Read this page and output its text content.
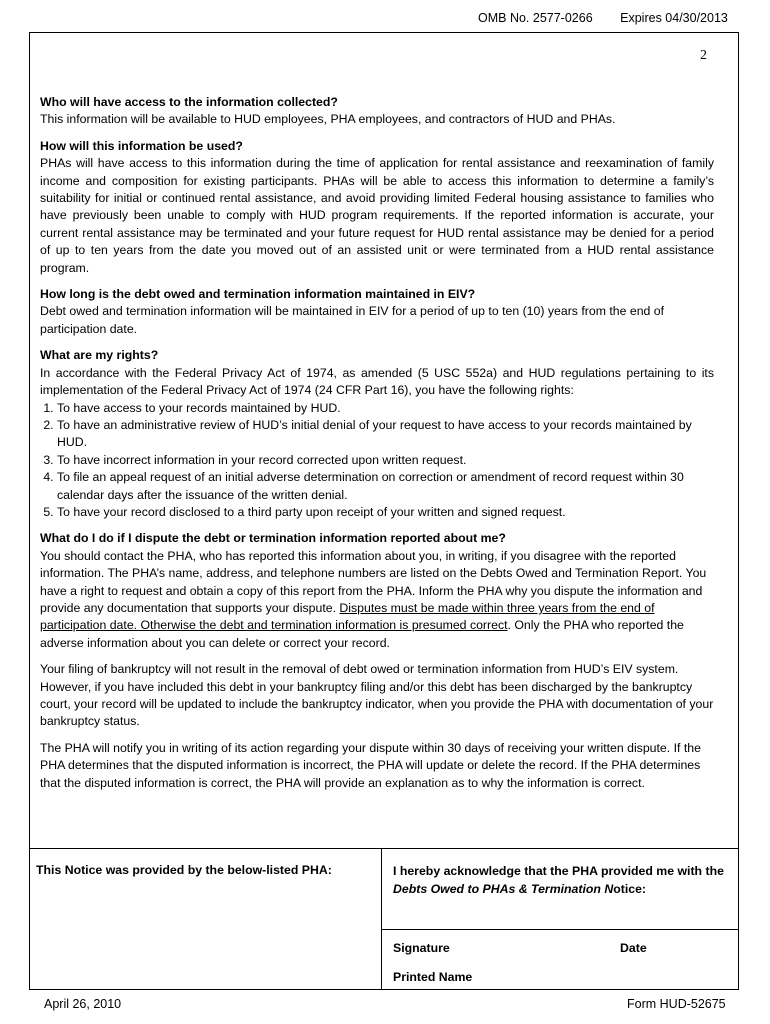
OMB No. 2577-0266 Expires 04/30/2013
2
Who will have access to the information collected?

This information will be available to HUD employees, PHA employees, and contractors of HUD and PHAs.

How will this information be used?

PHAs will have access to this information during the time of application for rental assistance and reexamination of family income and composition for existing participants. PHAs will be able to access this information to determine a family’s suitability for initial or continued rental assistance, and avoid providing limited Federal housing assistance to families who have previously been unable to comply with HUD program requirements. If the reported information is accurate, your current rental assistance may be terminated and your future request for HUD rental assistance may be denied for a period of up to ten years from the date you moved out of an assisted unit or were terminated from a HUD rental assistance program.

How long is the debt owed and termination information maintained in EIV?

Debt owed and termination information will be maintained in EIV for a period of up to ten (10) years from the end of participation date.

What are my rights?

In accordance with the Federal Privacy Act of 1974, as amended (5 USC 552a) and HUD regulations pertaining to its implementation of the Federal Privacy Act of 1974 (24 CFR Part 16), you have the following rights:

1. To have access to your records maintained by HUD.
2. To have an administrative review of HUD’s initial denial of your request to have access to your records maintained by HUD.
3. To have incorrect information in your record corrected upon written request.
4. To file an appeal request of an initial adverse determination on correction or amendment of record request within 30 calendar days after the issuance of the written denial.
5. To have your record disclosed to a third party upon receipt of your written and signed request.
What do I do if I dispute the debt or termination information reported about me?

You should contact the PHA, who has reported this information about you, in writing, if you disagree with the reported information. The PHA’s name, address, and telephone numbers are listed on the Debts Owed and Termination Report. You have a right to request and obtain a copy of this report from the PHA. Inform the PHA why you dispute the information and provide any documentation that supports your dispute. Disputes must be made within three years from the end of participation date. Otherwise the debt and termination information is presumed correct. Only the PHA who reported the adverse information about you can delete or correct your record.

Your filing of bankruptcy will not result in the removal of debt owed or termination information from HUD’s EIV system. However, if you have included this debt in your bankruptcy filing and/or this debt has been discharged by the bankruptcy court, your record will be updated to include the bankruptcy indicator, when you provide the PHA with documentation of your bankruptcy status.

The PHA will notify you in writing of its action regarding your dispute within 30 days of receiving your written dispute. If the PHA determines that the disputed information is incorrect, the PHA will update or delete the record. If the PHA determines that the disputed information is correct, the PHA will provide an explanation as to why the information is correct.

This Notice was provided by the below-listed PHA:	I hereby acknowledge that the PHA provided me with the
Debts Owed to PHAs & Termination Notice:
Signature	Date
Printed Name
April 26, 2010	Form HUD-52675
